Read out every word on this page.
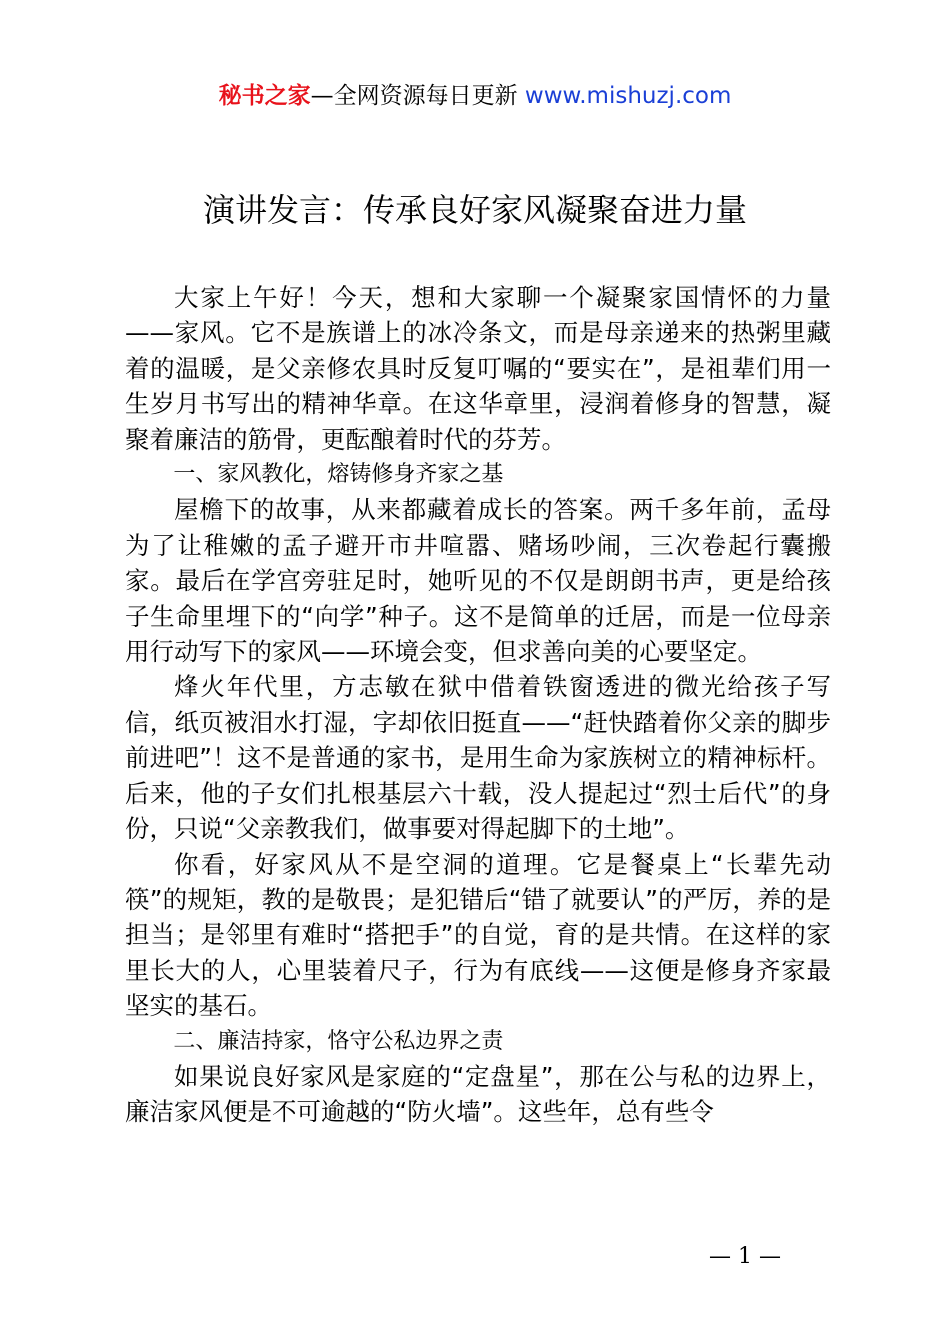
秘书之家—全网资源每日更新 www.mishuzj.com
演讲发言：传承良好家风凝聚奋进力量

大家上午好！今天，想和大家聊一个凝聚家国情怀的力量——家风。它不是族谱上的冰冷条文，而是母亲递来的热粥里藏着的温暖，是父亲修农具时反复叮嘱的“要实在”，是祖辈们用一生岁月书写出的精神华章。在这华章里，浸润着修身的智慧，凝聚着廉洁的筋骨，更酝酿着时代的芬芳。

一、家风教化，熔铸修身齐家之基

屋檐下的故事，从来都藏着成长的答案。两千多年前，孟母为了让稚嫩的孟子避开市井喧嚣、赌场吵闹，三次卷起行囊搬家。最后在学宫旁驻足时，她听见的不仅是朗朗书声，更是给孩子生命里埋下的“向学”种子。这不是简单的迁居，而是一位母亲用行动写下的家风——环境会变，但求善向美的心要坚定。

烽火年代里，方志敏在狱中借着铁窗透进的微光给孩子写信，纸页被泪水打湿，字却依旧挺直——“赶快踏着你父亲的脚步前进吧”！这不是普通的家书，是用生命为家族树立的精神标杆。后来，他的子女们扎根基层六十载，没人提起过“烈士后代”的身份，只说“父亲教我们，做事要对得起脚下的土地”。

你看，好家风从不是空洞的道理。它是餐桌上“长辈先动筷”的规矩，教的是敬畏；是犯错后“错了就要认”的严厉，养的是担当；是邻里有难时“搭把手”的自觉，育的是共情。在这样的家里长大的人，心里装着尺子，行为有底线——这便是修身齐家最坚实的基石。

二、廉洁持家，恪守公私边界之责

如果说良好家风是家庭的“定盘星”，那在公与私的边界上，廉洁家风便是不可逾越的“防火墙”。这些年，总有些令

— 1 —
